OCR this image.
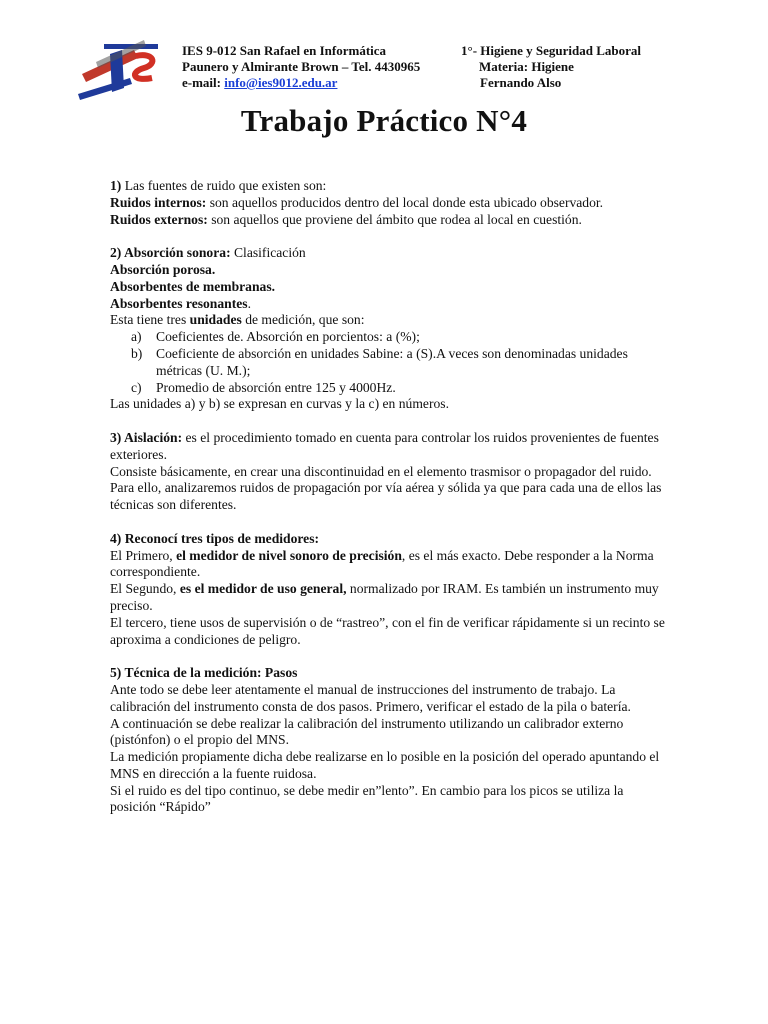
IES 9-012 San Rafael en Informática
Paunero y Almirante Brown – Tel. 4430965
e-mail: info@ies9012.edu.ar
1°- Higiene y Seguridad Laboral
Materia: Higiene
Fernando Also
Trabajo Práctico N°4

1) Las fuentes de ruido que existen son:

Ruidos internos: son aquellos producidos dentro del local donde esta ubicado observador.

Ruidos externos: son aquellos que proviene del ámbito que rodea al local en cuestión.

2) Absorción sonora: Clasificación

Absorción porosa.

Absorbentes de membranas.

Absorbentes resonantes.

Esta tiene tres unidades de medición, que son:

a) Coeficientes de. Absorción en porcientos: a (%);
b) Coeficiente de absorción en unidades Sabine: a (S).A veces son denominadas unidades métricas (U. M.);
c) Promedio de absorción entre 125 y 4000Hz.

Las unidades a) y b) se expresan en curvas y la c) en números.

3) Aislación: es el procedimiento tomado en cuenta para controlar los ruidos provenientes de fuentes exteriores.

Consiste básicamente, en crear una discontinuidad en el elemento trasmisor o propagador del ruido. Para ello, analizaremos ruidos de propagación por vía aérea y sólida ya que para cada una de ellos las técnicas son diferentes.

4) Reconocí tres tipos de medidores:

El Primero, el medidor de nivel sonoro de precisión, es el más exacto. Debe responder a la Norma correspondiente.

El Segundo, es el medidor de uso general, normalizado por IRAM. Es también un instrumento muy preciso.

El tercero, tiene usos de supervisión o de “rastreo”, con el fin de verificar rápidamente si un recinto se aproxima a condiciones de peligro.

5) Técnica de la medición: Pasos

Ante todo se debe leer atentamente el manual de instrucciones del instrumento de trabajo. La calibración del instrumento consta de dos pasos. Primero, verificar el estado de la pila o batería.

A continuación se debe realizar la calibración del instrumento utilizando un calibrador externo (pistónfon) o el propio del MNS.

La medición propiamente dicha debe realizarse en lo posible en la posición del operado apuntando el MNS en dirección a la fuente ruidosa.

Si el ruido es del tipo continuo, se debe medir en”lento”. En cambio para los picos se utiliza la posición “Rápido”
